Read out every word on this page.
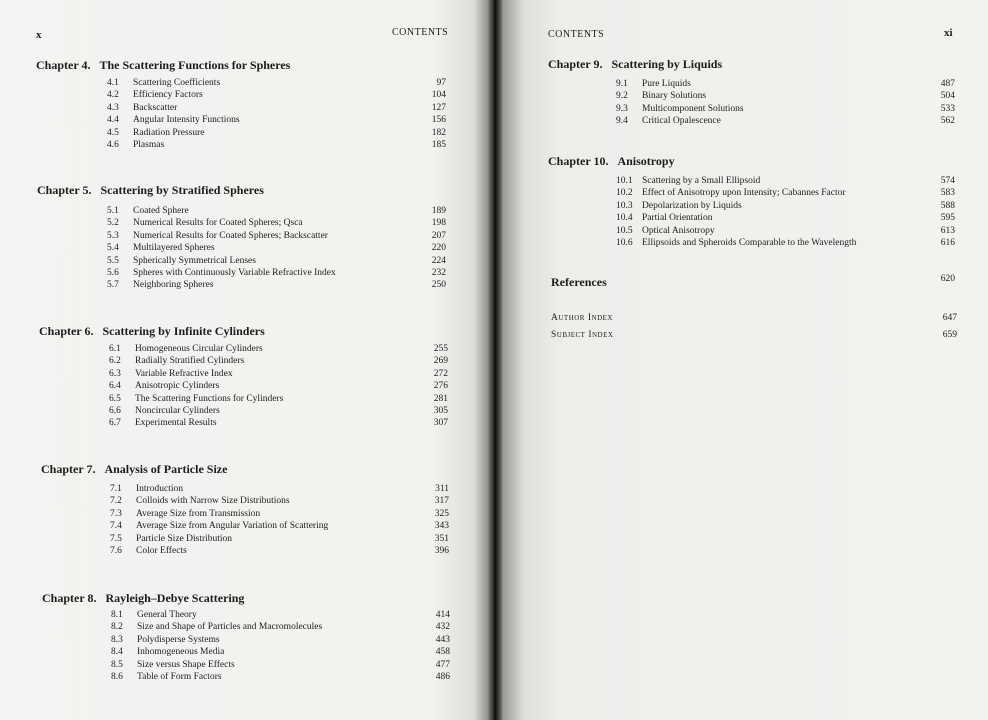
x	CONTENTS
Chapter 4. The Scattering Functions for Spheres
4.1 Scattering Coefficients	97
4.2 Efficiency Factors	104
4.3 Backscatter	127
4.4 Angular Intensity Functions	156
4.5 Radiation Pressure	182
4.6 Plasmas	185
Chapter 5. Scattering by Stratified Spheres
5.1 Coated Sphere	189
5.2 Numerical Results for Coated Spheres; Qsca	198
5.3 Numerical Results for Coated Spheres; Backscatter	207
5.4 Multilayered Spheres	220
5.5 Spherically Symmetrical Lenses	224
5.6 Spheres with Continuously Variable Refractive Index	232
5.7 Neighboring Spheres	250
Chapter 6. Scattering by Infinite Cylinders
6.1 Homogeneous Circular Cylinders	255
6.2 Radially Stratified Cylinders	269
6.3 Variable Refractive Index	272
6.4 Anisotropic Cylinders	276
6.5 The Scattering Functions for Cylinders	281
6.6 Noncircular Cylinders	305
6.7 Experimental Results	307
Chapter 7. Analysis of Particle Size
7.1 Introduction	311
7.2 Colloids with Narrow Size Distributions	317
7.3 Average Size from Transmission	325
7.4 Average Size from Angular Variation of Scattering	343
7.5 Particle Size Distribution	351
7.6 Color Effects	396
Chapter 8. Rayleigh–Debye Scattering
8.1 General Theory	414
8.2 Size and Shape of Particles and Macromolecules	432
8.3 Polydisperse Systems	443
8.4 Inhomogeneous Media	458
8.5 Size versus Shape Effects	477
8.6 Table of Form Factors	486
CONTENTS	xi
Chapter 9. Scattering by Liquids
9.1 Pure Liquids	487
9.2 Binary Solutions	504
9.3 Multicomponent Solutions	533
9.4 Critical Opalescence	562
Chapter 10. Anisotropy
10.1 Scattering by a Small Ellipsoid	574
10.2 Effect of Anisotropy upon Intensity; Cabannes Factor	583
10.3 Depolarization by Liquids	588
10.4 Partial Orientation	595
10.5 Optical Anisotropy	613
10.6 Ellipsoids and Spheroids Comparable to the Wavelength	616
References	620
Author Index	647
Subject Index	659
